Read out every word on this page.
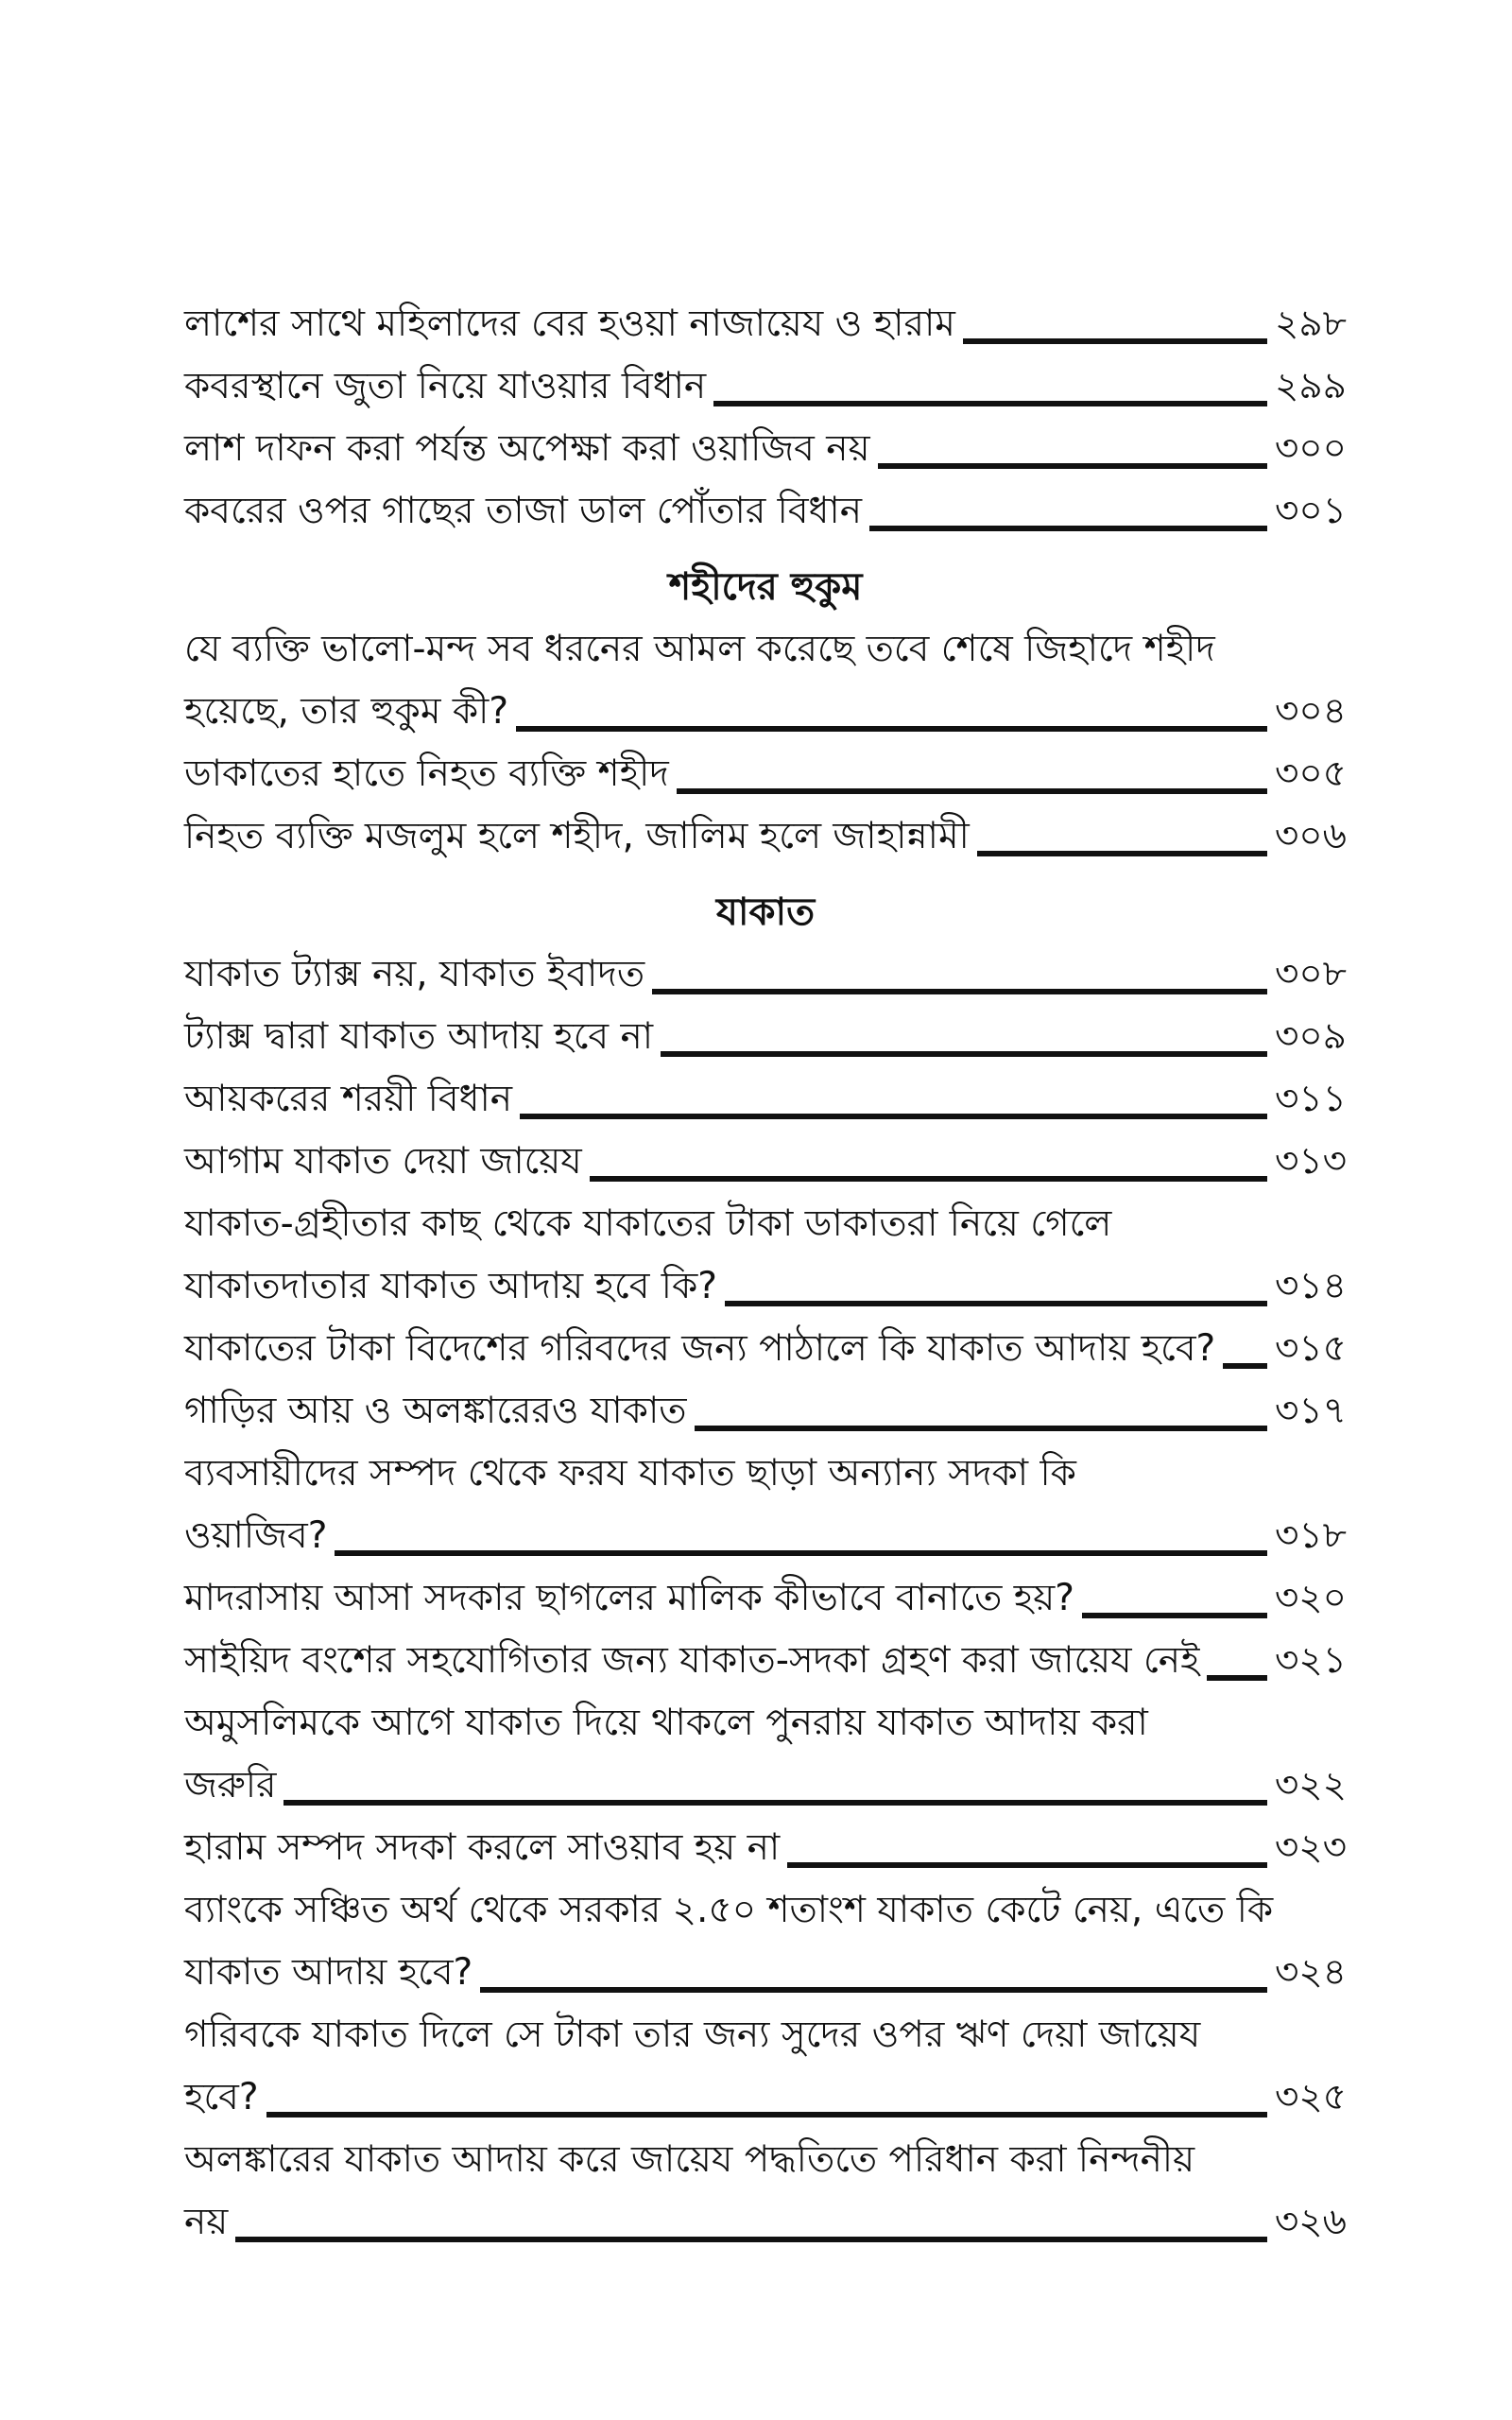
লাশের সাথে মহিলাদের বের হওয়া নাজায়েয ও হারাম	২৯৮
কবরস্থানে জুতা নিয়ে যাওয়ার বিধান	২৯৯
লাশ দাফন করা পর্যন্ত অপেক্ষা করা ওয়াজিব নয়	৩০০
কবরের ওপর গাছের তাজা ডাল পোঁতার বিধান	৩০১
শহীদের হুকুম
যে ব্যক্তি ভালো-মন্দ সব ধরনের আমল করেছে তবে শেষে জিহাদে শহীদ
হয়েছে, তার হুকুম কী?	৩০৪
ডাকাতের হাতে নিহত ব্যক্তি শহীদ	৩০৫
নিহত ব্যক্তি মজলুম হলে শহীদ, জালিম হলে জাহান্নামী	৩০৬
যাকাত
যাকাত ট্যাক্স নয়, যাকাত ইবাদত	৩০৮
ট্যাক্স দ্বারা যাকাত আদায় হবে না	৩০৯
আয়করের শরয়ী বিধান	৩১১
আগাম যাকাত দেয়া জায়েয	৩১৩
যাকাত-গ্রহীতার কাছ থেকে যাকাতের টাকা ডাকাতরা নিয়ে গেলে
যাকাতদাতার যাকাত আদায় হবে কি?	৩১৪
যাকাতের টাকা বিদেশের গরিবদের জন্য পাঠালে কি যাকাত আদায় হবে? ৩১৫
গাড়ির আয় ও অলঙ্কারেরও যাকাত	৩১৭
ব্যবসায়ীদের সম্পদ থেকে ফরয যাকাত ছাড়া অন্যান্য সদকা কি
ওয়াজিব?	৩১৮
মাদরাসায় আসা সদকার ছাগলের মালিক কীভাবে বানাতে হয়?	৩২০
সাইয়িদ বংশের সহযোগিতার জন্য যাকাত-সদকা গ্রহণ করা জায়েয নেই ৩২১
অমুসলিমকে আগে যাকাত দিয়ে থাকলে পুনরায় যাকাত আদায় করা
জরুরি	৩২২
হারাম সম্পদ সদকা করলে সাওয়াব হয় না	৩২৩
ব্যাংকে সঞ্চিত অর্থ থেকে সরকার ২.৫০ শতাংশ যাকাত কেটে নেয়, এতে কি
যাকাত আদায় হবে?	৩২৪
গরিবকে যাকাত দিলে সে টাকা তার জন্য সুদের ওপর ঋণ দেয়া জায়েয
হবে?	৩২৫
অলঙ্কারের যাকাত আদায় করে জায়েয পদ্ধতিতে পরিধান করা নিন্দনীয়
নয়	৩২৬
